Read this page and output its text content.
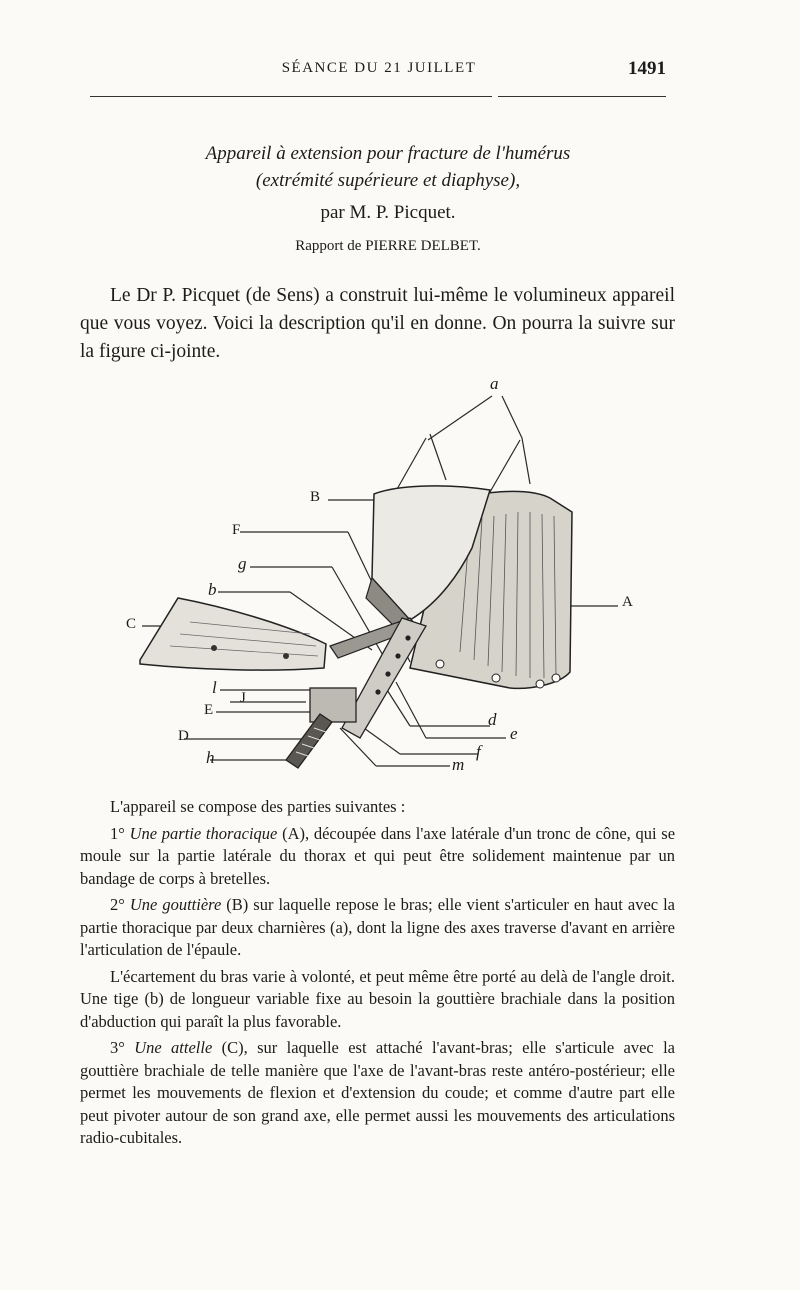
SÉANCE DU 21 JUILLET	1491
Appareil à extension pour fracture de l'humérus
(extrémité supérieure et diaphyse),
par M. P. Picquet.
Rapport de PIERRE DELBET.
Le Dr P. Picquet (de Sens) a construit lui-même le volumineux appareil que vous voyez. Voici la description qu'il en donne. On pourra la suivre sur la figure ci-jointe.
a
B
F
g
b
C
A
l
J
E
D
h
d
e
f
m
L'appareil se compose des parties suivantes :
1° Une partie thoracique (A), découpée dans l'axe latérale d'un tronc de cône, qui se moule sur la partie latérale du thorax et qui peut être solidement maintenue par un bandage de corps à bretelles.
2° Une gouttière (B) sur laquelle repose le bras; elle vient s'articuler en haut avec la partie thoracique par deux charnières (a), dont la ligne des axes traverse d'avant en arrière l'articulation de l'épaule.
L'écartement du bras varie à volonté, et peut même être porté au delà de l'angle droit. Une tige (b) de longueur variable fixe au besoin la gouttière brachiale dans la position d'abduction qui paraît la plus favorable.
3° Une attelle (C), sur laquelle est attaché l'avant-bras; elle s'articule avec la gouttière brachiale de telle manière que l'axe de l'avant-bras reste antéro-postérieur; elle permet les mouvements de flexion et d'extension du coude; et comme d'autre part elle peut pivoter autour de son grand axe, elle permet aussi les mouvements des articulations radio-cubitales.
